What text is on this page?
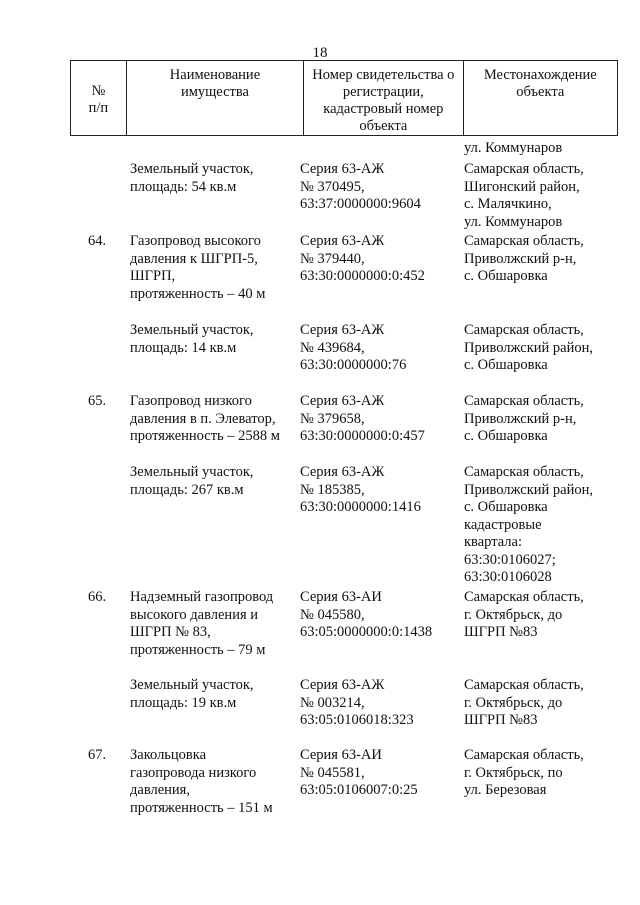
18
№
п/п
Наименование
имущества
Номер свидетельства о
регистрации,
кадастровый номер
объекта
Местонахождение
объекта
ул. Коммунаров
Земельный участок,
площадь: 54 кв.м
Серия 63-АЖ
№ 370495,
63:37:0000000:9604
Самарская область,
Шигонский район,
с. Малячкино,
ул. Коммунаров
64. Газопровод высокого
давления к ШГРП-5,
ШГРП,
протяженность – 40 м
Серия 63-АЖ
№ 379440,
63:30:0000000:0:452
Самарская область,
Приволжский р-н,
с. Обшаровка
Земельный участок,
площадь: 14 кв.м
Серия 63-АЖ
№ 439684,
63:30:0000000:76
Самарская область,
Приволжский район,
с. Обшаровка
65. Газопровод низкого
давления в п. Элеватор,
протяженность – 2588 м
Серия 63-АЖ
№ 379658,
63:30:0000000:0:457
Самарская область,
Приволжский р-н,
с. Обшаровка
Земельный участок,
площадь: 267 кв.м
Серия 63-АЖ
№ 185385,
63:30:0000000:1416
Самарская область,
Приволжский район,
с. Обшаровка
кадастровые
квартала:
63:30:0106027;
63:30:0106028
66. Надземный газопровод
высокого давления и
ШГРП № 83,
протяженность – 79 м
Серия 63-АИ
№ 045580,
63:05:0000000:0:1438
Самарская область,
г. Октябрьск, до
ШГРП №83
Земельный участок,
площадь: 19 кв.м
Серия 63-АЖ
№ 003214,
63:05:0106018:323
Самарская область,
г. Октябрьск, до
ШГРП №83
67. Закольцовка
газопровода низкого
давления,
протяженность – 151 м
Серия 63-АИ
№ 045581,
63:05:0106007:0:25
Самарская область,
г. Октябрьск, по
ул. Березовая
